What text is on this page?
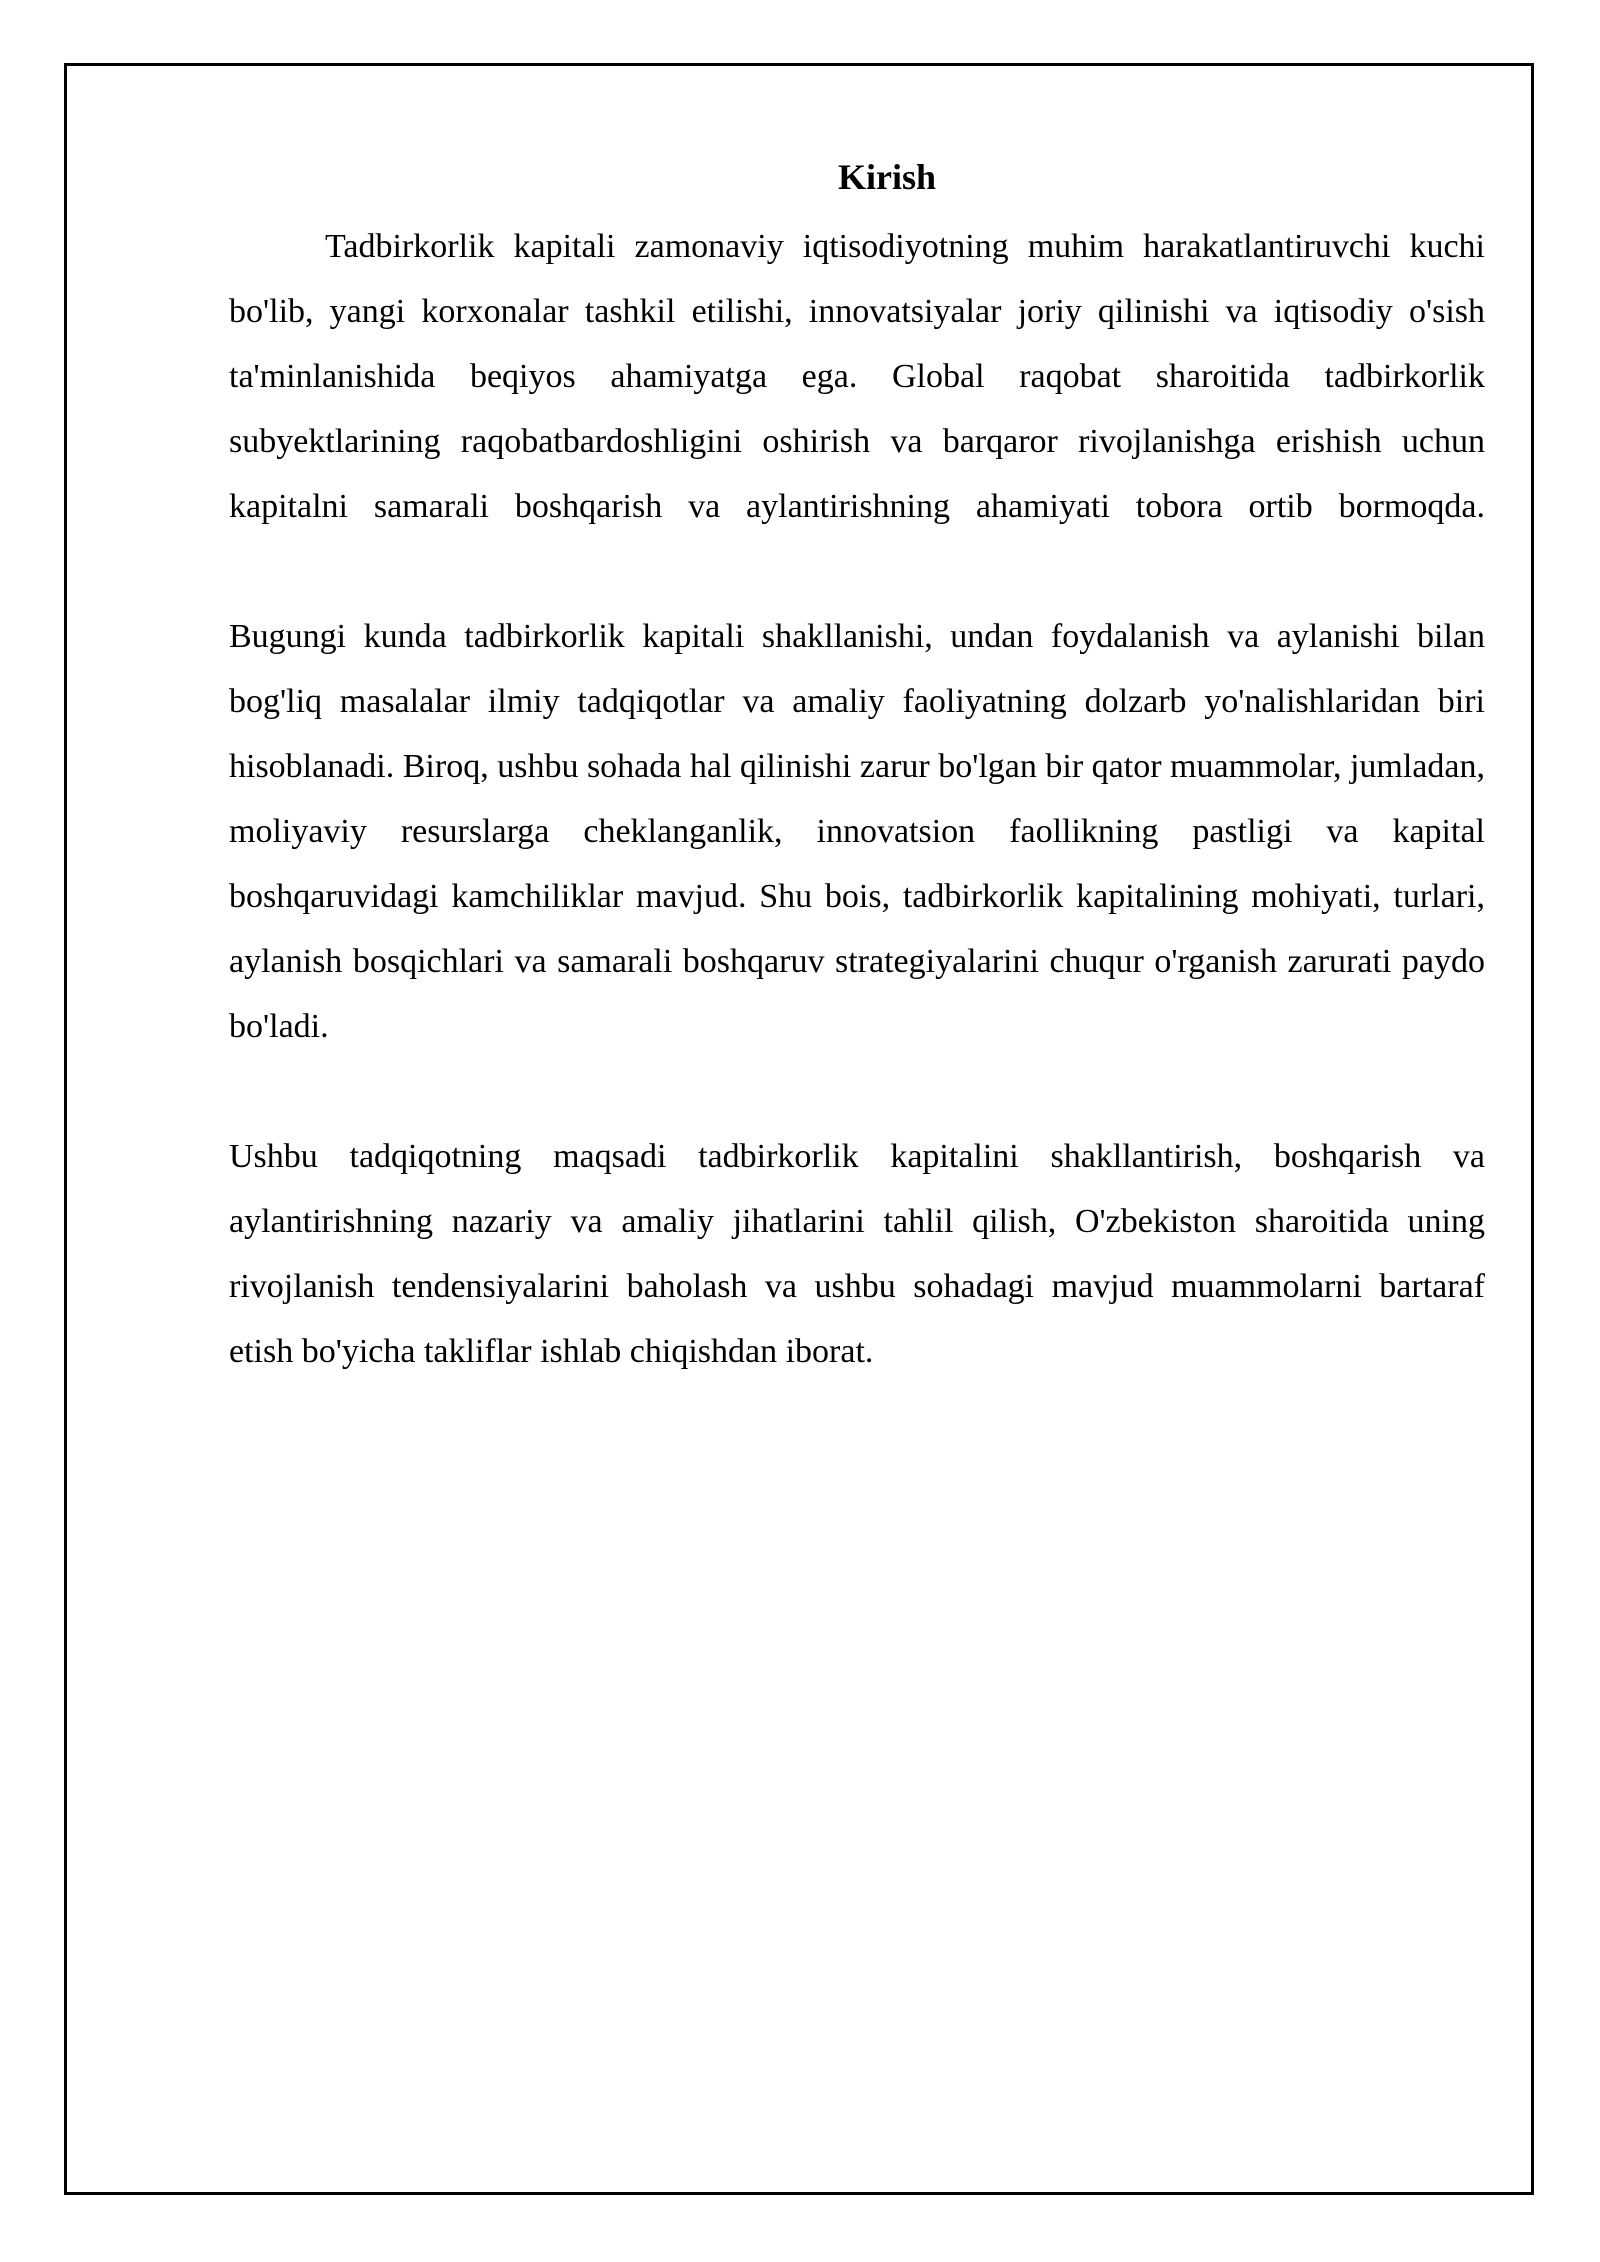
Kirish

Tadbirkorlik kapitali zamonaviy iqtisodiyotning muhim harakatlantiruvchi kuchi bo'lib, yangi korxonalar tashkil etilishi, innovatsiyalar joriy qilinishi va iqtisodiy o'sish ta'minlanishida beqiyos ahamiyatga ega. Global raqobat sharoitida tadbirkorlik subyektlarining raqobatbardoshligini oshirish va barqaror rivojlanishga erishish uchun kapitalni samarali boshqarish va aylantirishning ahamiyati tobora ortib bormoqda.

Bugungi kunda tadbirkorlik kapitali shakllanishi, undan foydalanish va aylanishi bilan bog'liq masalalar ilmiy tadqiqotlar va amaliy faoliyatning dolzarb yo'nalishlaridan biri hisoblanadi. Biroq, ushbu sohada hal qilinishi zarur bo'lgan bir qator muammolar, jumladan, moliyaviy resurslarga cheklanganlik, innovatsion faollikning pastligi va kapital boshqaruvidagi kamchiliklar mavjud. Shu bois, tadbirkorlik kapitalining mohiyati, turlari, aylanish bosqichlari va samarali boshqaruv strategiyalarini chuqur o'rganish zarurati paydo bo'ladi.

Ushbu tadqiqotning maqsadi tadbirkorlik kapitalini shakllantirish, boshqarish va aylantirishning nazariy va amaliy jihatlarini tahlil qilish, O'zbekiston sharoitida uning rivojlanish tendensiyalarini baholash va ushbu sohadagi mavjud muammolarni bartaraf etish bo'yicha takliflar ishlab chiqishdan iborat.
